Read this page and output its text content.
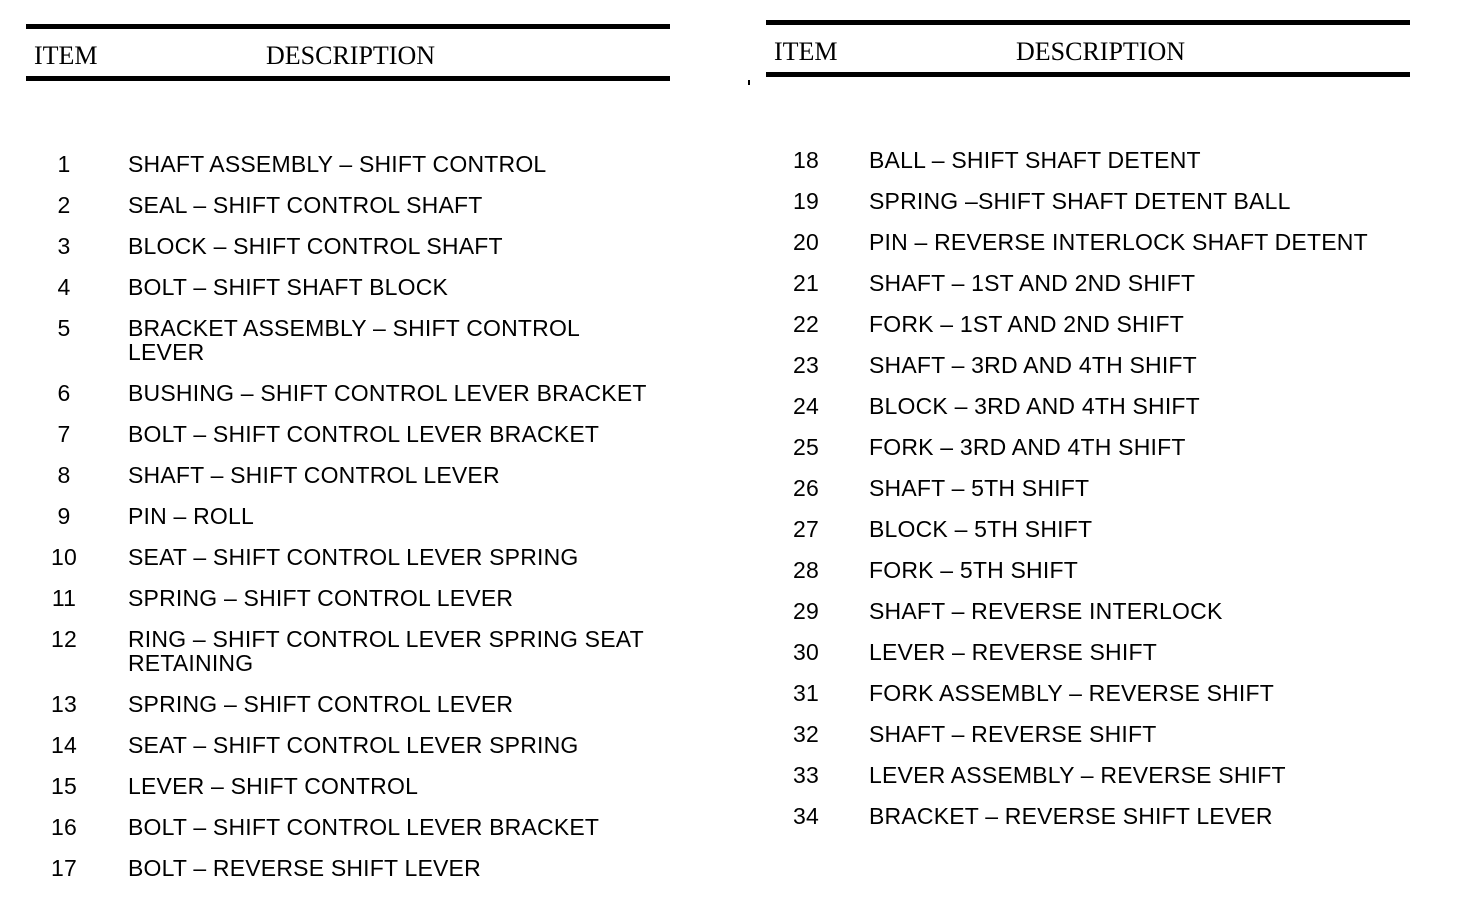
ITEM	DESCRIPTION
1	SHAFT ASSEMBLY – SHIFT CONTROL
2	SEAL – SHIFT CONTROL SHAFT
3	BLOCK – SHIFT CONTROL SHAFT
4	BOLT – SHIFT SHAFT BLOCK
5	BRACKET ASSEMBLY – SHIFT CONTROL LEVER
6	BUSHING – SHIFT CONTROL LEVER BRACKET
7	BOLT – SHIFT CONTROL LEVER BRACKET
8	SHAFT – SHIFT CONTROL LEVER
9	PIN – ROLL
10	SEAT – SHIFT CONTROL LEVER SPRING
11	SPRING – SHIFT CONTROL LEVER
12	RING – SHIFT CONTROL LEVER SPRING SEAT RETAINING
13	SPRING – SHIFT CONTROL LEVER
14	SEAT – SHIFT CONTROL LEVER SPRING
15	LEVER – SHIFT CONTROL
16	BOLT – SHIFT CONTROL LEVER BRACKET
17	BOLT – REVERSE SHIFT LEVER
ITEM	DESCRIPTION
18	BALL – SHIFT SHAFT DETENT
19	SPRING –SHIFT SHAFT DETENT BALL
20	PIN – REVERSE INTERLOCK SHAFT DETENT
21	SHAFT – 1ST AND 2ND SHIFT
22	FORK – 1ST AND 2ND SHIFT
23	SHAFT – 3RD AND 4TH SHIFT
24	BLOCK – 3RD AND 4TH SHIFT
25	FORK – 3RD AND 4TH SHIFT
26	SHAFT – 5TH SHIFT
27	BLOCK – 5TH SHIFT
28	FORK – 5TH SHIFT
29	SHAFT – REVERSE INTERLOCK
30	LEVER – REVERSE SHIFT
31	FORK ASSEMBLY – REVERSE SHIFT
32	SHAFT – REVERSE SHIFT
33	LEVER ASSEMBLY – REVERSE SHIFT
34	BRACKET – REVERSE SHIFT LEVER
